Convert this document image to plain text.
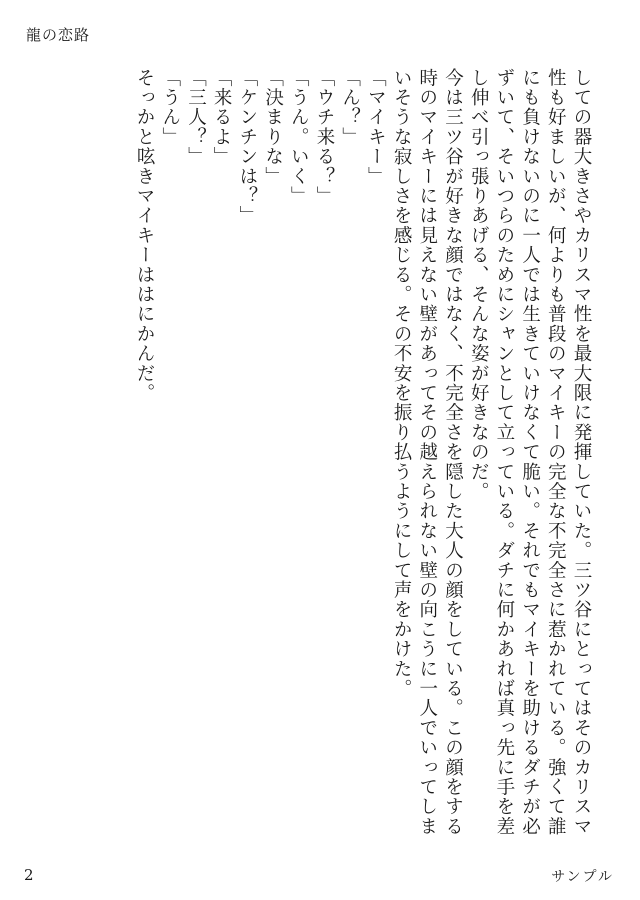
龍の恋路
しての器大きさやカリスマ性を最大限に発揮していた。三ツ谷にとってはそのカリスマ
性も好ましいが、何よりも普段のマイキーの完全な不完全さに惹かれている。強くて誰
にも負けないのに一人では生きていけなくて脆い。それでもマイキーを助けるダチが必
ずいて、そいつらのためにシャンとして立っている。ダチに何かあれば真っ先に手を差
し伸べ引っ張りあげる、そんな姿が好きなのだ。
今は三ツ谷が好きな顔ではなく、不完全さを隠した大人の顔をしている。この顔をする
時のマイキーには見えない壁があってその越えられない壁の向こうに一人でいってしま
いそうな寂しさを感じる。その不安を振り払うようにして声をかけた。
「マイキー」
「ん？」
「ウチ来る？」
「うん。いく」
「決まりな」
「ケンチンは？」
「来るよ」
「三人？」
「うん」
そっかと呟きマイキーははにかんだ。
2	サンプル
